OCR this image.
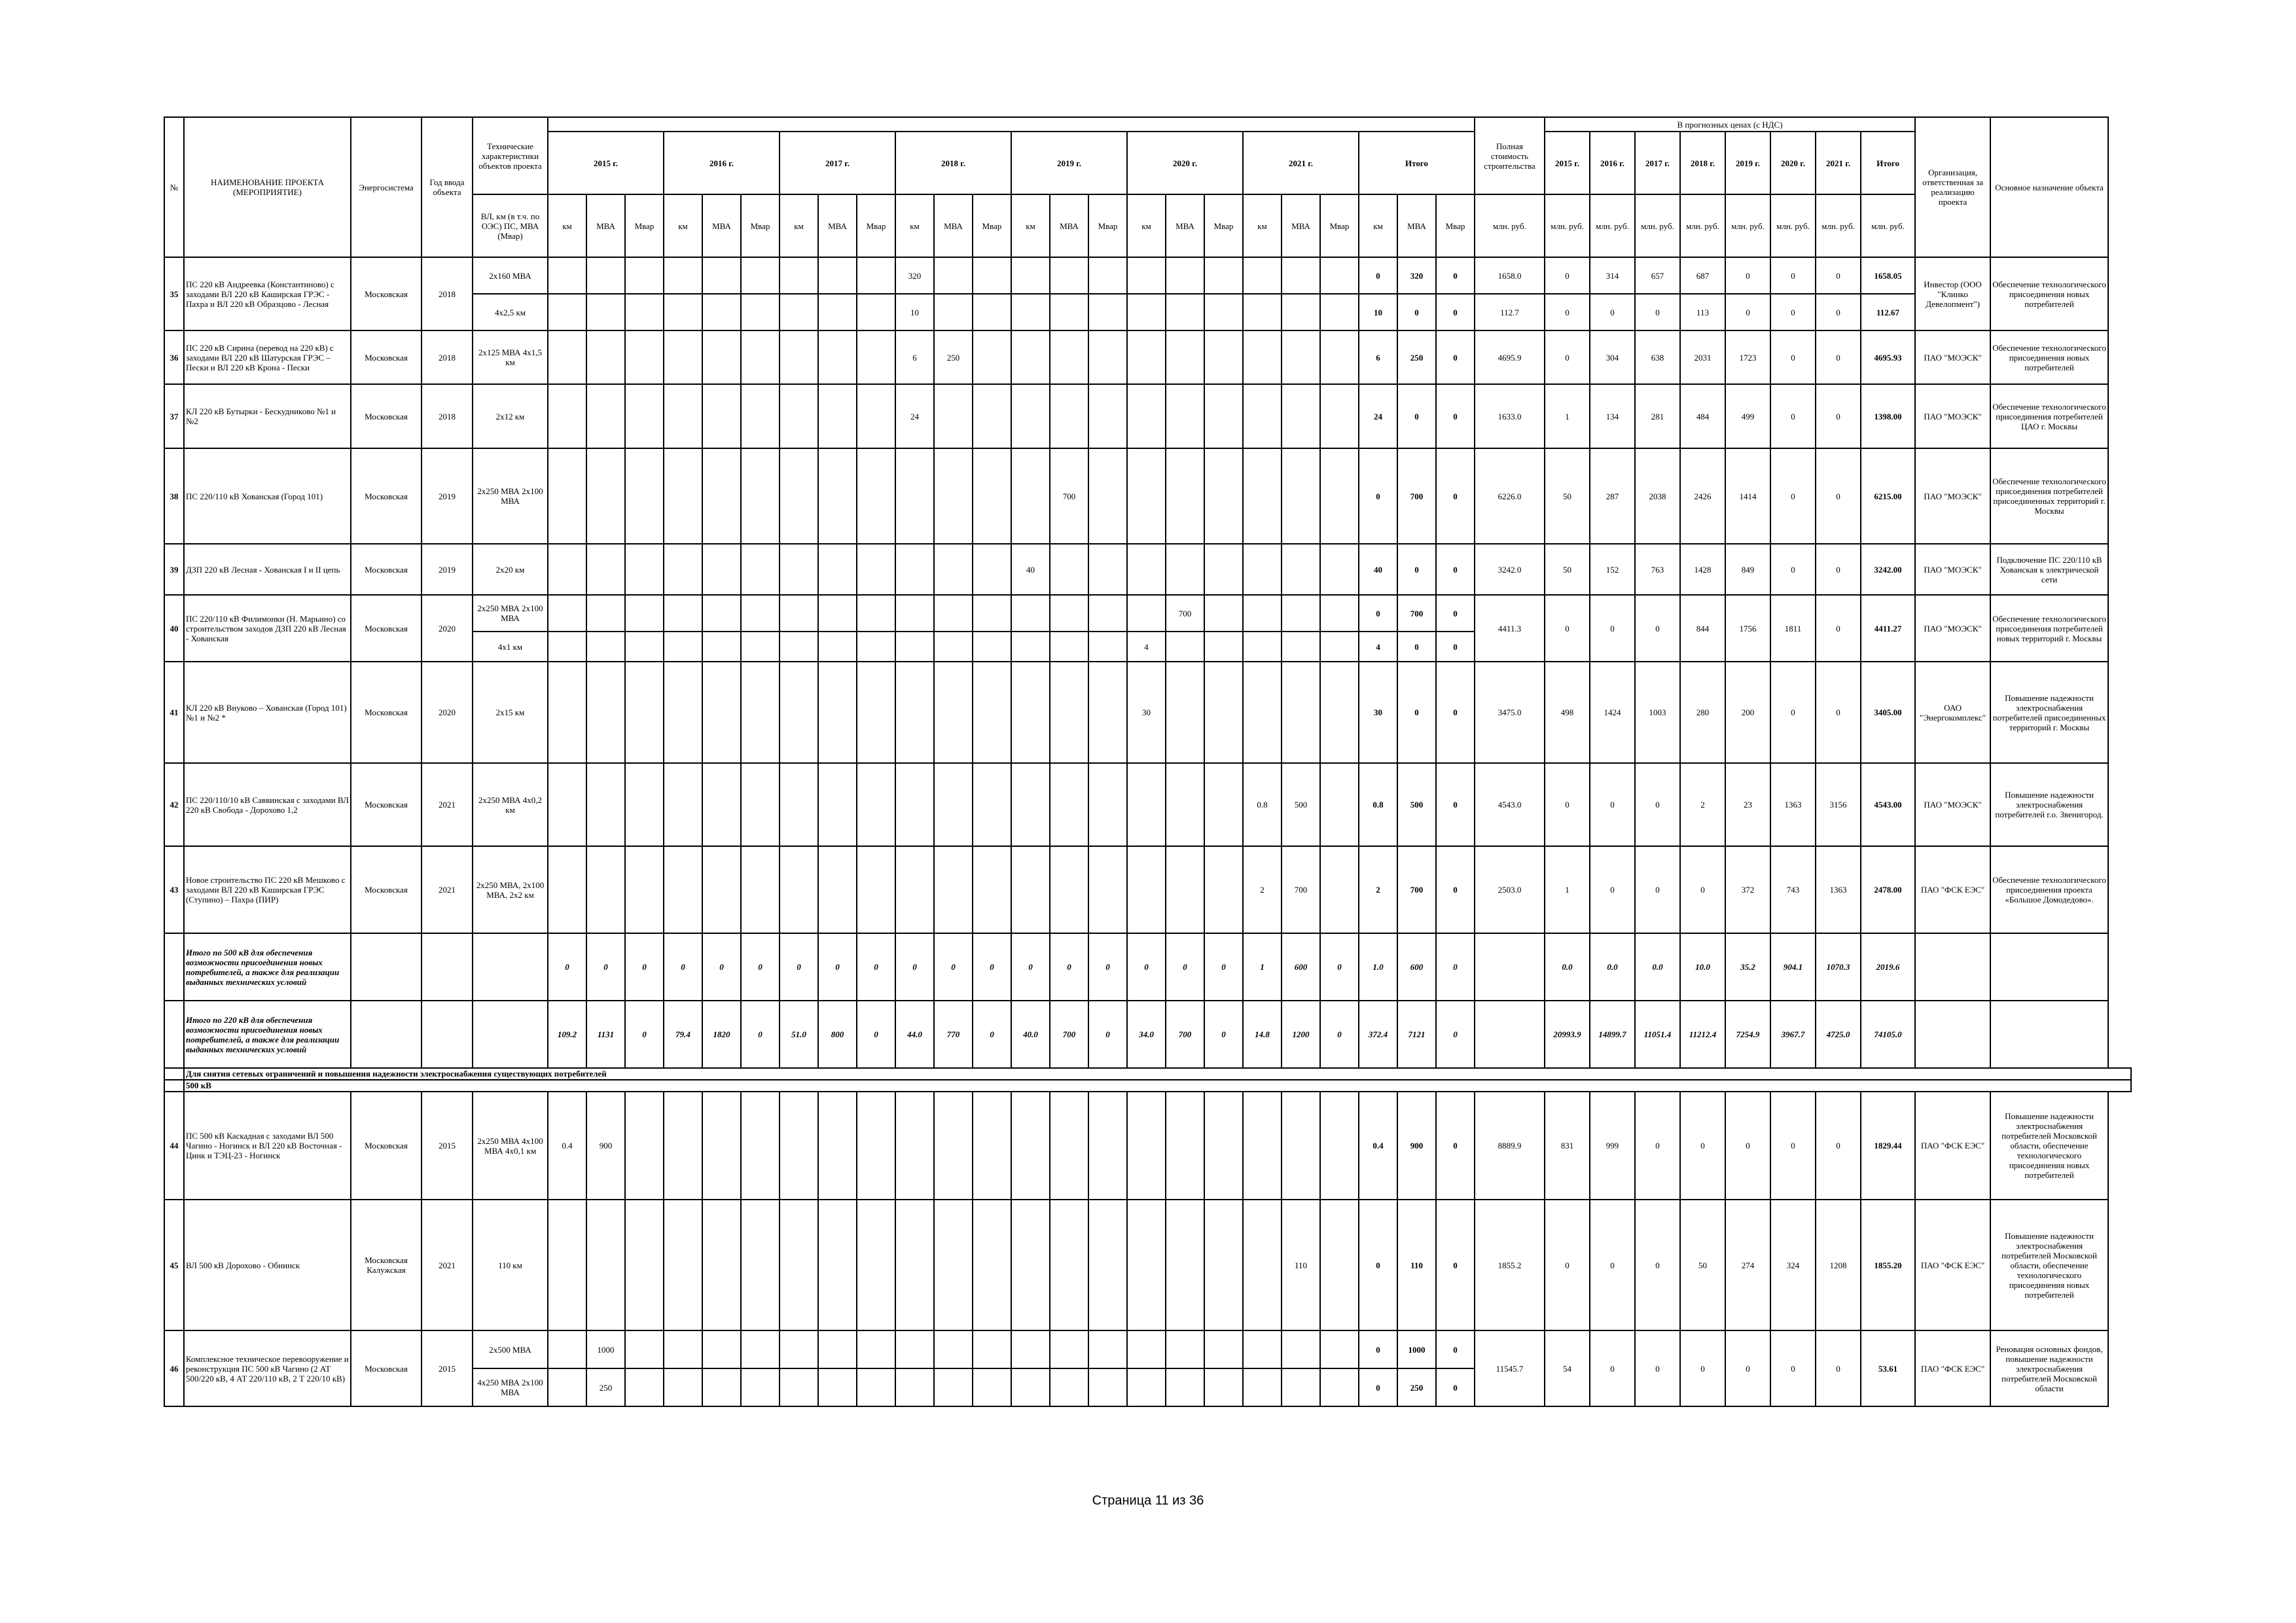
№	НАИМЕНОВАНИЕ ПРОЕКТА (МЕРОПРИЯТИЕ)	Энергосистема	Год ввода объекта	Технические характеристики объектов проекта																									Полная стоимость строительства	В прогнозных ценах (с НДС)								Организация, ответственная за реализацию проекта	Основное назначение объекта
					2015 г.			2016 г.			2017 г.			2018 г.			2019 г.			2020 г.			2021 г.			Итого				2015 г.	2016 г.	2017 г.	2018 г.	2019 г.	2020 г.	2021 г.	Итого		
				ВЛ, км (в т.ч. по ОЭС) ПС, МВА (Мвар)	км	МВА	Мвар	км	МВА	Мвар	км	МВА	Мвар	км	МВА	Мвар	км	МВА	Мвар	км	МВА	Мвар	км	МВА	Мвар	км	МВА	Мвар	млн. руб.	млн. руб.	млн. руб.	млн. руб.	млн. руб.	млн. руб.	млн. руб.	млн. руб.	млн. руб.		
35	ПС 220 кВ Андреевка (Константиново) с заходами ВЛ 220 кВ Каширская ГРЭС - Пахра и ВЛ 220 кВ Образцово - Лесная	Московская	2018	2х160 МВА										320												0	320	0	1658.0	0	314	657	687	0	0	0	1658.05	Инвестор (ООО "Клинко Девелопмент")	Обеспечение технологического присоединения новых потребителей
				4х2,5 км										10												10	0	0	112.7	0	0	0	113	0	0	0	112.67		
36	ПС 220 кВ Сирина (перевод на 220 кВ) с заходами ВЛ 220 кВ Шатурская ГРЭС – Пески и ВЛ 220 кВ Крона - Пески	Московская	2018	2х125 МВА 4х1,5 км										6	250											6	250	0	4695.9	0	304	638	2031	1723	0	0	4695.93	ПАО "МОЭСК"	Обеспечение технологического присоединения новых потребителей
37	КЛ 220 кВ Бутырки - Бескудниково №1 и №2	Московская	2018	2х12 км										24												24	0	0	1633.0	1	134	281	484	499	0	0	1398.00	ПАО "МОЭСК"	Обеспечение технологического присоединения потребителей ЦАО г. Москвы
38	ПС 220/110 кВ Хованская (Город 101)	Московская	2019	2х250 МВА 2х100 МВА														700								0	700	0	6226.0	50	287	2038	2426	1414	0	0	6215.00	ПАО "МОЭСК"	Обеспечение технологического присоединения потребителей присоединенных территорий г. Москвы
39	ДЗП 220 кВ Лесная - Хованская I и II цепь	Московская	2019	2х20 км													40									40	0	0	3242.0	50	152	763	1428	849	0	0	3242.00	ПАО "МОЭСК"	Подключение ПС 220/110 кВ Хованская к электрической сети
40	ПС 220/110 кВ Филимонки (Н. Марьино) со строительством заходов ДЗП 220 кВ Лесная - Хованская	Московская	2020	2х250 МВА 2х100 МВА																	700					0	700	0	4411.3	0	0	0	844	1756	1811	0	4411.27	ПАО "МОЭСК"	Обеспечение технологического присоединения потребителей новых территорий г. Москвы
				4х1 км																4						4	0	0											
41	КЛ 220 кВ Внуково – Хованская (Город 101) №1 и №2 *	Московская	2020	2х15 км																30						30	0	0	3475.0	498	1424	1003	280	200	0	0	3405.00	ОАО "Энергокомплекс"	Повышение надежности электроснабжения потребителей присоединенных территорий г. Москвы
42	ПС 220/110/10 кВ Саввинская с заходами ВЛ 220 кВ Свобода - Дорохово 1,2	Московская	2021	2х250 МВА 4х0,2 км																			0.8	500		0.8	500	0	4543.0	0	0	0	2	23	1363	3156	4543.00	ПАО "МОЭСК"	Повышение надежности электроснабжения потребителей г.о. Звенигород.
43	Новое строительство ПС 220 кВ Мешково с заходами ВЛ 220 кВ Каширская ГРЭС (Ступино) – Пахра (ПИР)	Московская	2021	2х250 МВА, 2х100 МВА, 2х2 км																			2	700		2	700	0	2503.0	1	0	0	0	372	743	1363	2478.00	ПАО "ФСК ЕЭС"	Обеспечение технологического присоединения проекта «Большое Домодедово».
	Итого по 500 кВ для обеспечения возможности присоединения новых потребителей, а также для реализации выданных технических условий				0	0	0	0	0	0	0	0	0	0	0	0	0	0	0	0	0	0	1	600	0	1.0	600	0		0.0	0.0	0.0	10.0	35.2	904.1	1070.3	2019.6		
	Итого по 220 кВ для обеспечения возможности присоединения новых потребителей, а также для реализации выданных технических условий				109.2	1131	0	79.4	1820	0	51.0	800	0	44.0	770	0	40.0	700	0	34.0	700	0	14.8	1200	0	372.4	7121	0		20993.9	14899.7	11051.4	11212.4	7254.9	3967.7	4725.0	74105.0		
	Для снятия сетевых ограничений и повышения надежности электроснабжения существующих потребителей																																						
	500 кВ																																						
44	ПС 500 кВ Каскадная с заходами ВЛ 500 Чагино - Ногинск и ВЛ 220 кВ Восточная - Цинк и ТЭЦ-23 - Ногинск	Московская	2015	2х250 МВА 4х100 МВА 4х0,1 км	0.4	900																				0.4	900	0	8889.9	831	999	0	0	0	0	0	1829.44	ПАО "ФСК ЕЭС"	Повышение надежности электроснабжения потребителей Московской области, обеспечение технологического присоединения новых потребителей
45	ВЛ 500 кВ Дорохово - Обнинск	Московская Калужская	2021	110 км																				110		0	110	0	1855.2	0	0	0	50	274	324	1208	1855.20	ПАО "ФСК ЕЭС"	Повышение надежности электроснабжения потребителей Московской области, обеспечение технологического присоединения новых потребителей
46	Комплексное техническое перевооружение и реконструкция ПС 500 кВ Чагино (2 АТ 500/220 кВ, 4 АТ 220/110 кВ, 2 Т 220/10 кВ)	Московская	2015	2х500 МВА		1000																				0	1000	0	11545.7	54	0	0	0	0	0	0	53.61	ПАО "ФСК ЕЭС"	Реновация основных фондов, повышение надежности электроснабжения потребителей Московской области
				4х250 МВА 2х100 МВА		250																				0	250	0											
Страница 11 из 36
